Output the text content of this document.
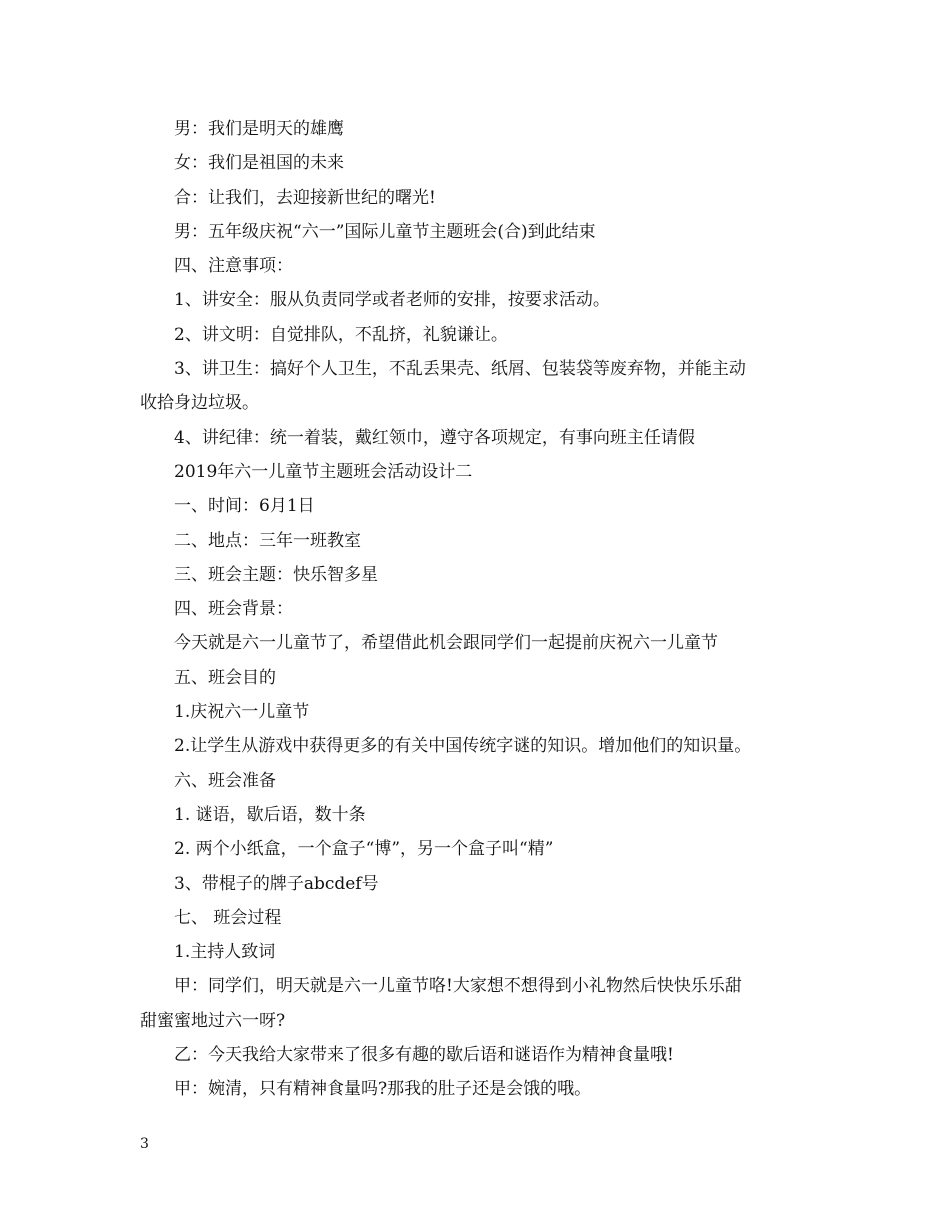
男：我们是明天的雄鹰
女：我们是祖国的未来
合：让我们，去迎接新世纪的曙光!
男：五年级庆祝“六一”国际儿童节主题班会(合)到此结束
四、注意事项：
1、讲安全：服从负责同学或者老师的安排，按要求活动。
2、讲文明：自觉排队，不乱挤，礼貌谦让。
3、讲卫生：搞好个人卫生，不乱丢果壳、纸屑、包装袋等废弃物，并能主动
收拾身边垃圾。
4、讲纪律：统一着装，戴红领巾，遵守各项规定，有事向班主任请假
2019年六一儿童节主题班会活动设计二
一、时间：6月1日
二、地点：三年一班教室
三、班会主题：快乐智多星
四、班会背景：
今天就是六一儿童节了，希望借此机会跟同学们一起提前庆祝六一儿童节
五、班会目的
1.庆祝六一儿童节
2.让学生从游戏中获得更多的有关中国传统字谜的知识。增加他们的知识量。
六、班会准备
1. 谜语，歇后语，数十条
2. 两个小纸盒，一个盒子“博”，另一个盒子叫“精”
3、带棍子的牌子abcdef号
七、 班会过程
1.主持人致词
甲：同学们，明天就是六一儿童节咯!大家想不想得到小礼物然后快快乐乐甜
甜蜜蜜地过六一呀?
乙：今天我给大家带来了很多有趣的歇后语和谜语作为精神食量哦!
甲：婉清，只有精神食量吗?那我的肚子还是会饿的哦。
3
